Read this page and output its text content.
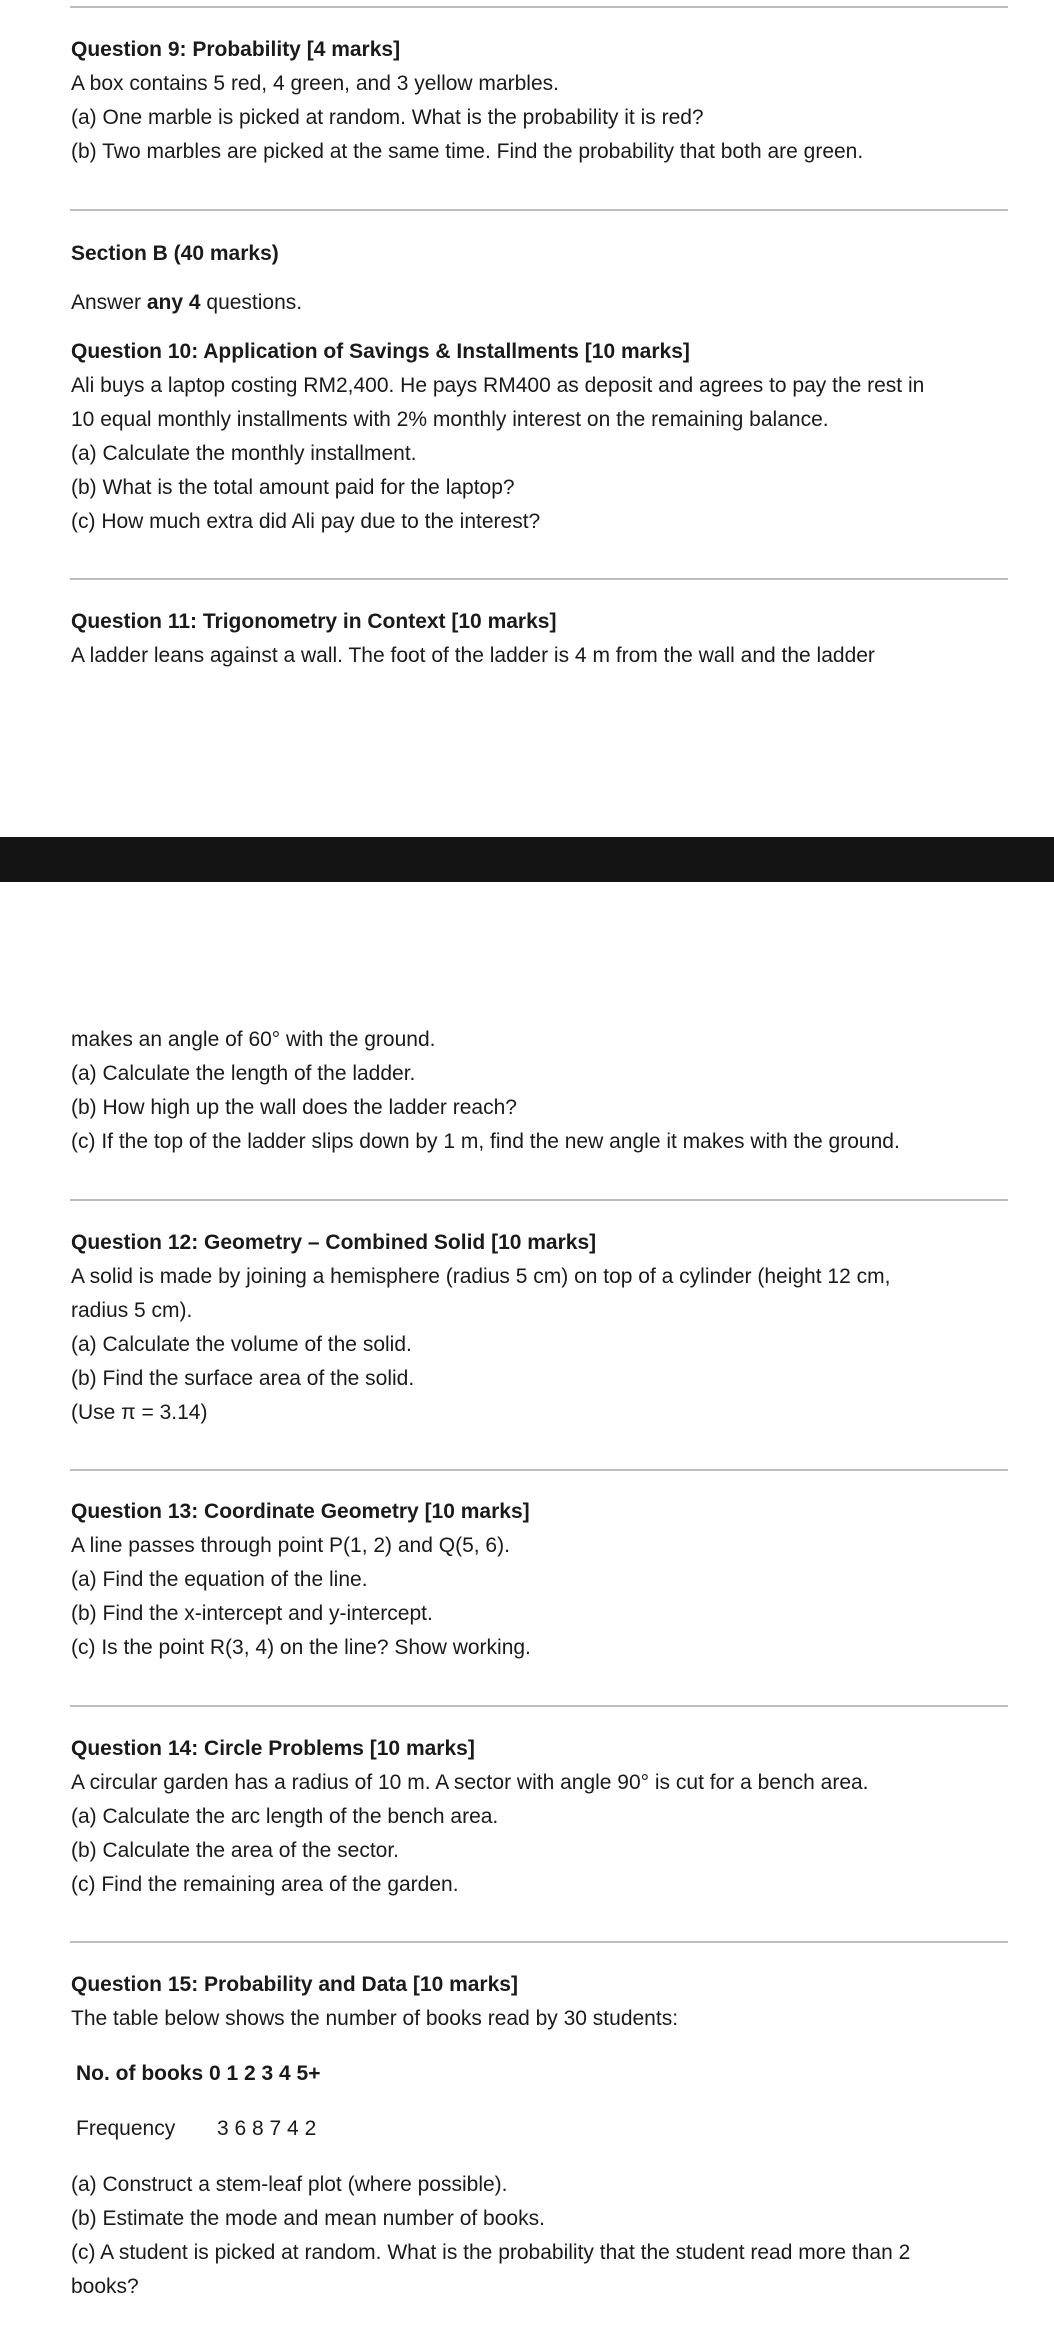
Question 9: Probability [4 marks]
A box contains 5 red, 4 green, and 3 yellow marbles.
(a) One marble is picked at random. What is the probability it is red?
(b) Two marbles are picked at the same time. Find the probability that both are green.
Section B (40 marks)
Answer any 4 questions.
Question 10: Application of Savings & Installments [10 marks]
Ali buys a laptop costing RM2,400. He pays RM400 as deposit and agrees to pay the rest in
10 equal monthly installments with 2% monthly interest on the remaining balance.
(a) Calculate the monthly installment.
(b) What is the total amount paid for the laptop?
(c) How much extra did Ali pay due to the interest?
Question 11: Trigonometry in Context [10 marks]
A ladder leans against a wall. The foot of the ladder is 4 m from the wall and the ladder
makes an angle of 60° with the ground.
(a) Calculate the length of the ladder.
(b) How high up the wall does the ladder reach?
(c) If the top of the ladder slips down by 1 m, find the new angle it makes with the ground.
Question 12: Geometry – Combined Solid [10 marks]
A solid is made by joining a hemisphere (radius 5 cm) on top of a cylinder (height 12 cm,
radius 5 cm).
(a) Calculate the volume of the solid.
(b) Find the surface area of the solid.
(Use π = 3.14)
Question 13: Coordinate Geometry [10 marks]
A line passes through point P(1, 2) and Q(5, 6).
(a) Find the equation of the line.
(b) Find the x-intercept and y-intercept.
(c) Is the point R(3, 4) on the line? Show working.
Question 14: Circle Problems [10 marks]
A circular garden has a radius of 10 m. A sector with angle 90° is cut for a bench area.
(a) Calculate the arc length of the bench area.
(b) Calculate the area of the sector.
(c) Find the remaining area of the garden.
Question 15: Probability and Data [10 marks]
The table below shows the number of books read by 30 students:
No. of books 0 1 2 3 4 5+
Frequency 3 6 8 7 4 2
(a) Construct a stem-leaf plot (where possible).
(b) Estimate the mode and mean number of books.
(c) A student is picked at random. What is the probability that the student read more than 2
books?
